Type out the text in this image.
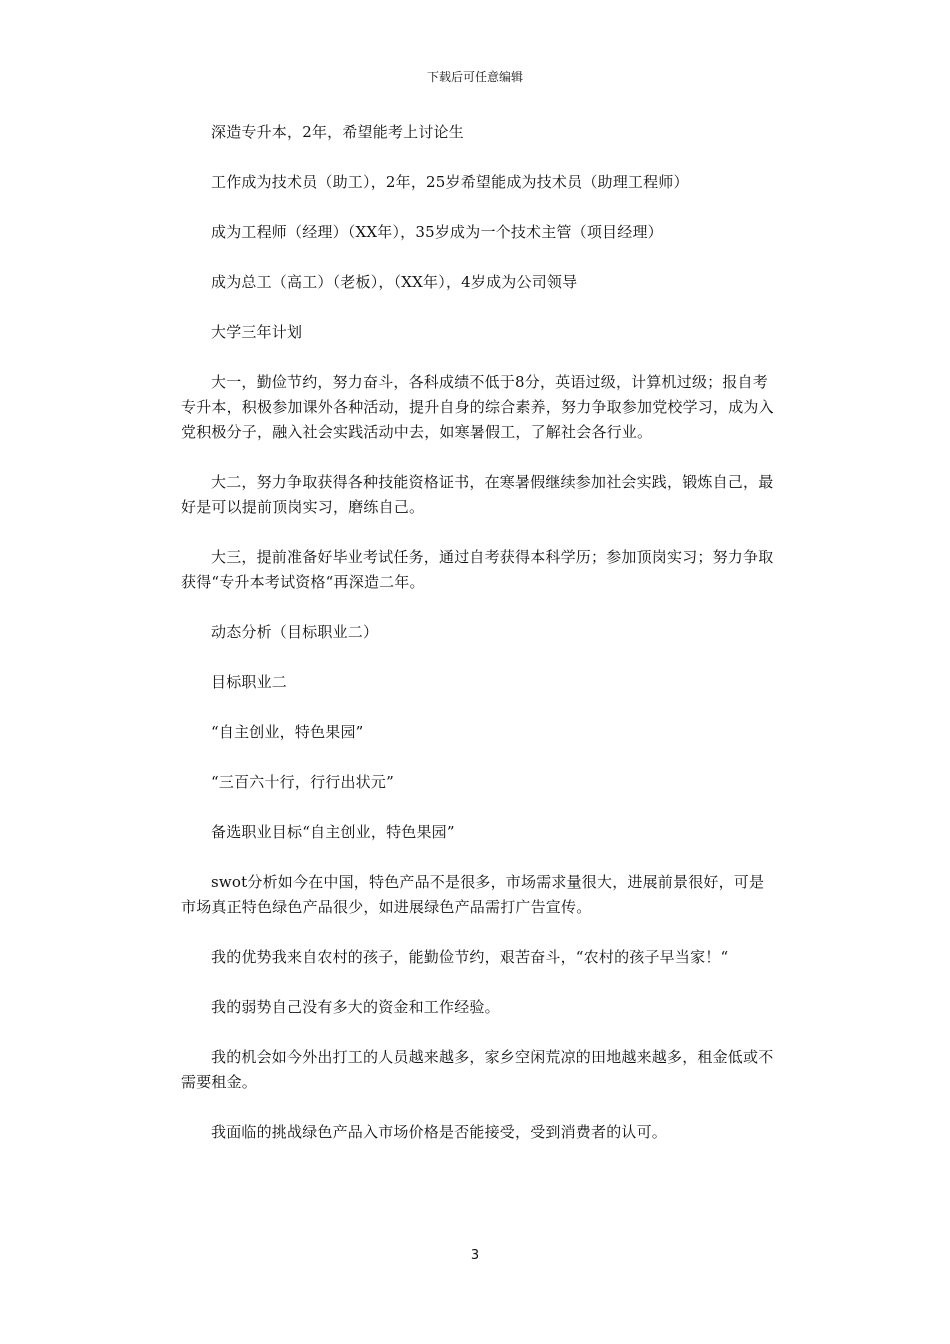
下载后可任意编辑

深造专升本，2年，希望能考上讨论生

工作成为技术员（助工），2年，25岁希望能成为技术员（助理工程师）

成为工程师（经理）（XX年），35岁成为一个技术主管（项目经理）

成为总工（高工）（老板），（XX年），4岁成为公司领导

大学三年计划

大一，勤俭节约，努力奋斗，各科成绩不低于8分，英语过级，计算机过级；报自考专升本，积极参加课外各种活动，提升自身的综合素养，努力争取参加党校学习，成为入党积极分子，融入社会实践活动中去，如寒暑假工，了解社会各行业。

大二，努力争取获得各种技能资格证书，在寒暑假继续参加社会实践，锻炼自己，最好是可以提前顶岗实习，磨练自己。

大三，提前准备好毕业考试任务，通过自考获得本科学历；参加顶岗实习；努力争取获得“专升本考试资格“再深造二年。

动态分析（目标职业二）

目标职业二

“自主创业，特色果园”

“三百六十行，行行出状元”

备选职业目标“自主创业，特色果园”

swot分析如今在中国，特色产品不是很多，市场需求量很大，进展前景很好，可是市场真正特色绿色产品很少，如进展绿色产品需打广告宣传。

我的优势我来自农村的孩子，能勤俭节约，艰苦奋斗，“农村的孩子早当家！“

我的弱势自己没有多大的资金和工作经验。

我的机会如今外出打工的人员越来越多，家乡空闲荒凉的田地越来越多，租金低或不需要租金。

我面临的挑战绿色产品入市场价格是否能接受，受到消费者的认可。

3
